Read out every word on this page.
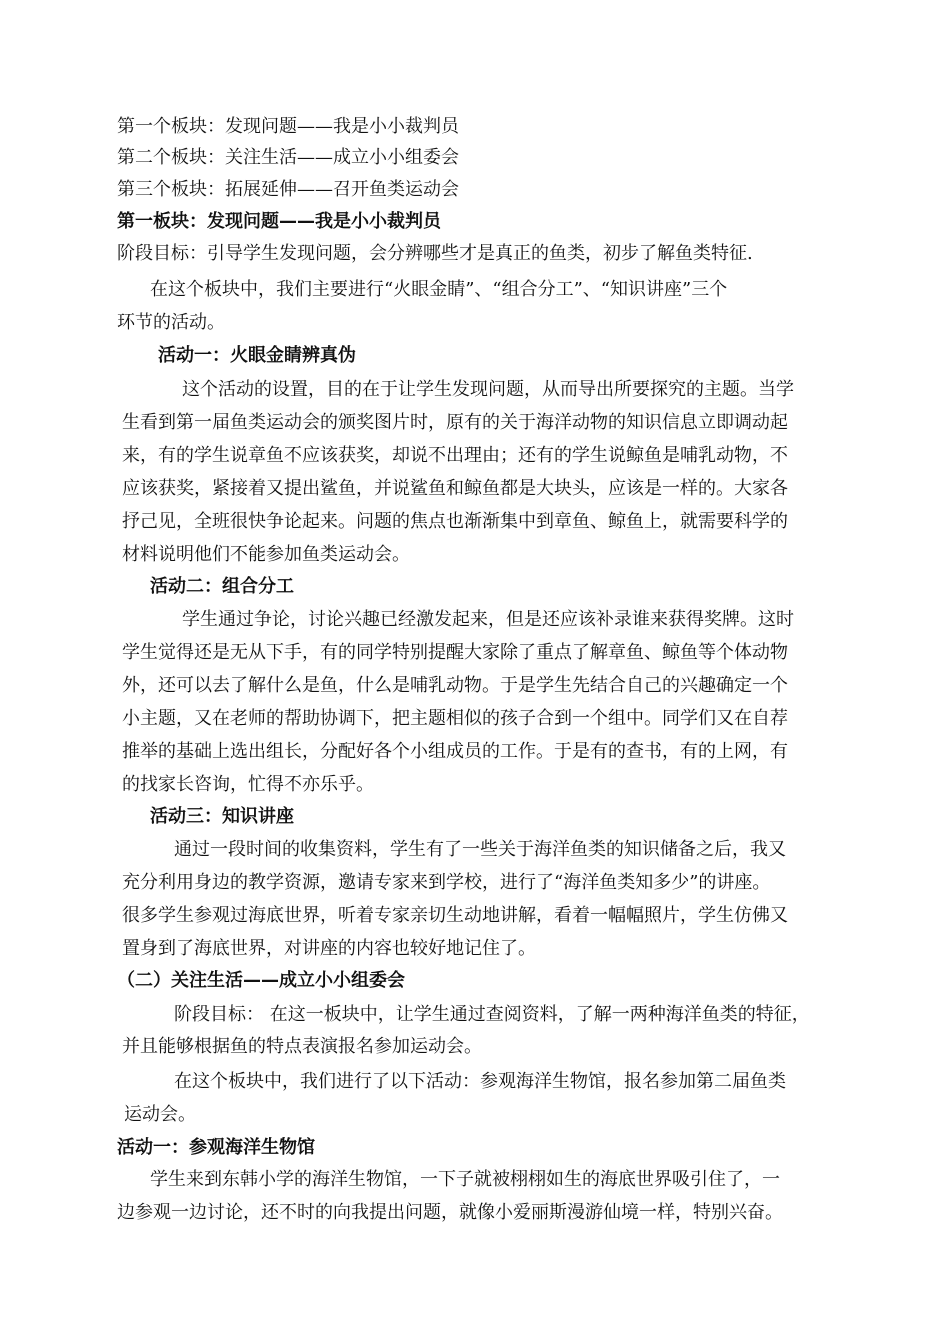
第一个板块：发现问题——我是小小裁判员
第二个板块：关注生活——成立小小组委会
第三个板块：拓展延伸——召开鱼类运动会
第一板块：发现问题——我是小小裁判员
阶段目标：引导学生发现问题，会分辨哪些才是真正的鱼类，初步了解鱼类特征.
在这个板块中，我们主要进行“火眼金睛”、“组合分工”、“知识讲座”三个
环节的活动。
活动一：火眼金睛辨真伪
这个活动的设置，目的在于让学生发现问题，从而导出所要探究的主题。当学
生看到第一届鱼类运动会的颁奖图片时，原有的关于海洋动物的知识信息立即调动起
来，有的学生说章鱼不应该获奖，却说不出理由；还有的学生说鲸鱼是哺乳动物，不
应该获奖，紧接着又提出鲨鱼，并说鲨鱼和鲸鱼都是大块头，应该是一样的。大家各
抒己见，全班很快争论起来。问题的焦点也渐渐集中到章鱼、鲸鱼上，就需要科学的
材料说明他们不能参加鱼类运动会。
活动二：组合分工
学生通过争论，讨论兴趣已经激发起来，但是还应该补录谁来获得奖牌。这时
学生觉得还是无从下手，有的同学特别提醒大家除了重点了解章鱼、鲸鱼等个体动物
外，还可以去了解什么是鱼，什么是哺乳动物。于是学生先结合自己的兴趣确定一个
小主题，又在老师的帮助协调下，把主题相似的孩子合到一个组中。同学们又在自荐
推举的基础上选出组长，分配好各个小组成员的工作。于是有的查书，有的上网，有
的找家长咨询，忙得不亦乐乎。
活动三：知识讲座
通过一段时间的收集资料，学生有了一些关于海洋鱼类的知识储备之后，我又
充分利用身边的教学资源，邀请专家来到学校，进行了“海洋鱼类知多少”的讲座。
很多学生参观过海底世界，听着专家亲切生动地讲解，看着一幅幅照片，学生仿佛又
置身到了海底世界，对讲座的内容也较好地记住了。
（二）关注生活——成立小小组委会
阶段目标： 在这一板块中，让学生通过查阅资料，了解一两种海洋鱼类的特征，
并且能够根据鱼的特点表演报名参加运动会。
在这个板块中，我们进行了以下活动：参观海洋生物馆，报名参加第二届鱼类
运动会。
活动一：参观海洋生物馆
学生来到东韩小学的海洋生物馆，一下子就被栩栩如生的海底世界吸引住了，一
边参观一边讨论，还不时的向我提出问题，就像小爱丽斯漫游仙境一样，特别兴奋。
